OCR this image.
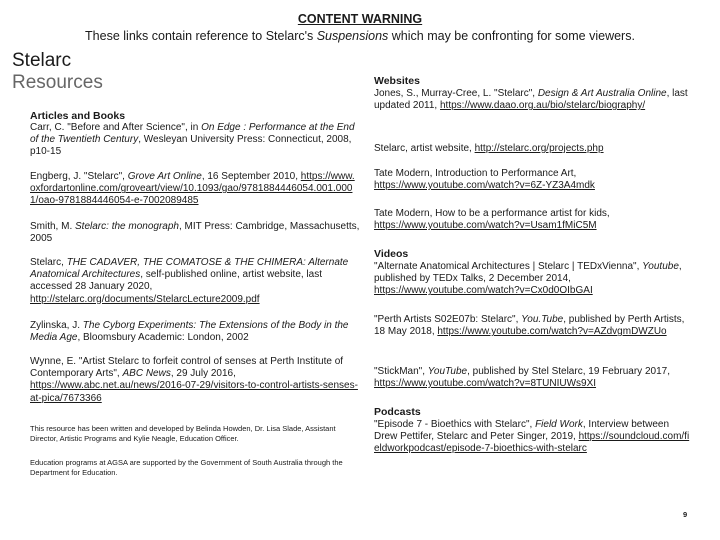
CONTENT WARNING
These links contain reference to Stelarc's Suspensions which may be confronting for some viewers.
Stelarc
Resources
Articles and Books
Carr, C. "Before and After Science", in On Edge : Performance at the End of the Twentieth Century, Wesleyan University Press: Connecticut, 2008, p10-15
Engberg, J. "Stelarc", Grove Art Online, 16 September 2010, https://www.oxfordartonline.com/groveart/view/10.1093/gao/9781884446054.001.0001/oao-9781884446054-e-7002089485
Smith, M. Stelarc: the monograph, MIT Press: Cambridge, Massachusetts, 2005
Stelarc, THE CADAVER, THE COMATOSE & THE CHIMERA: Alternate Anatomical Architectures, self-published online, artist website, last accessed 28 January 2020, http://stelarc.org/documents/StelarcLecture2009.pdf
Zylinska, J. The Cyborg Experiments: The Extensions of the Body in the Media Age, Bloomsbury Academic: London, 2002
Wynne, E. "Artist Stelarc to forfeit control of senses at Perth Institute of Contemporary Arts", ABC News, 29 July 2016, https://www.abc.net.au/news/2016-07-29/visitors-to-control-artists-senses-at-pica/7673366
This resource has been written and developed by Belinda Howden, Dr. Lisa Slade, Assistant Director, Artistic Programs and Kylie Neagle, Education Officer.
Education programs at AGSA are supported by the Government of South Australia through the Department for Education.
Websites
Jones, S., Murray-Cree, L. "Stelarc", Design & Art Australia Online, last updated 2011, https://www.daao.org.au/bio/stelarc/biography/
Stelarc, artist website, http://stelarc.org/projects.php
Tate Modern, Introduction to Performance Art, https://www.youtube.com/watch?v=6Z-YZ3A4mdk
Tate Modern, How to be a performance artist for kids, https://www.youtube.com/watch?v=Usam1fMiC5M
Videos
"Alternate Anatomical Architectures | Stelarc | TEDxVienna", Youtube, published by TEDx Talks, 2 December 2014, https://www.youtube.com/watch?v=Cx0d0OIbGAI
"Perth Artists S02E07b: Stelarc", You.Tube, published by Perth Artists, 18 May 2018, https://www.youtube.com/watch?v=AZdvgmDWZUo
"StickMan", YouTube, published by Stel Stelarc, 19 February 2017, https://www.youtube.com/watch?v=8TUNIUWs9XI
Podcasts
"Episode 7 - Bioethics with Stelarc", Field Work, Interview between Drew Pettifer, Stelarc and Peter Singer, 2019, https://soundcloud.com/fieldworkpodcast/episode-7-bioethics-with-stelarc
9
